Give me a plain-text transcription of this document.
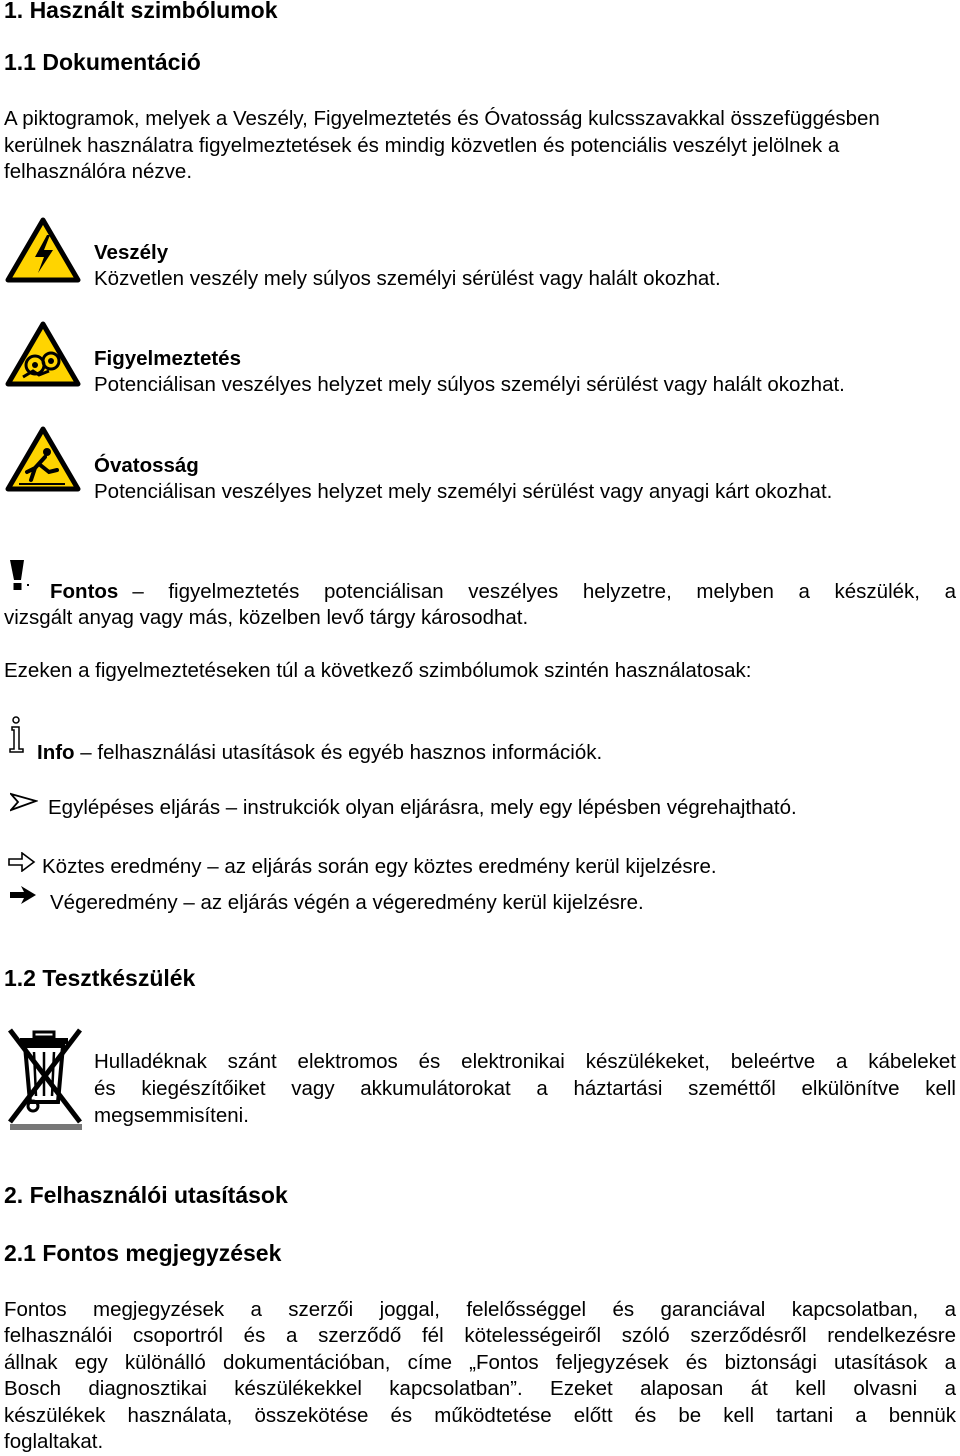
1. Használt szimbólumok
1.1 Dokumentáció
A piktogramok, melyek a Veszély, Figyelmeztetés és Óvatosság kulcsszavakkal összefüggésben kerülnek használatra figyelmeztetések és mindig közvetlen és potenciális veszélyt jelölnek a felhasználóra nézve.
Veszély
Közvetlen veszély mely súlyos személyi sérülést vagy halált okozhat.
Figyelmeztetés
Potenciálisan veszélyes helyzet mely súlyos személyi sérülést vagy halált okozhat.
Óvatosság
Potenciálisan veszélyes helyzet mely személyi sérülést vagy anyagi kárt okozhat.
Fontos – figyelmeztetés potenciálisan veszélyes helyzetre, melyben a készülék, a
vizsgált anyag vagy más, közelben levő tárgy károsodhat.
Ezeken a figyelmeztetéseken túl a következő szimbólumok szintén használatosak:
Info – felhasználási utasítások és egyéb hasznos információk.
Egylépéses eljárás – instrukciók olyan eljárásra, mely egy lépésben végrehajtható.
Köztes eredmény – az eljárás során egy köztes eredmény kerül kijelzésre.
Végeredmény – az eljárás végén a végeredmény kerül kijelzésre.
1.2 Tesztkészülék
Hulladéknak szánt elektromos és elektronikai készülékeket, beleértve a kábeleket
és kiegészítőiket vagy akkumulátorokat a háztartási szeméttől elkülönítve kell
megsemmisíteni.
2. Felhasználói utasítások
2.1 Fontos megjegyzések
Fontos megjegyzések a szerzői joggal, felelősséggel és garanciával kapcsolatban, a
felhasználói csoportról és a szerződő fél kötelességeiről szóló szerződésről rendelkezésre
állnak egy különálló dokumentációban, címe „Fontos feljegyzések és biztonsági utasítások a
Bosch diagnosztikai készülékekkel kapcsolatban”. Ezeket alaposan át kell olvasni a
készülékek használata, összekötése és működtetése előtt és be kell tartani a bennük
foglaltakat.
